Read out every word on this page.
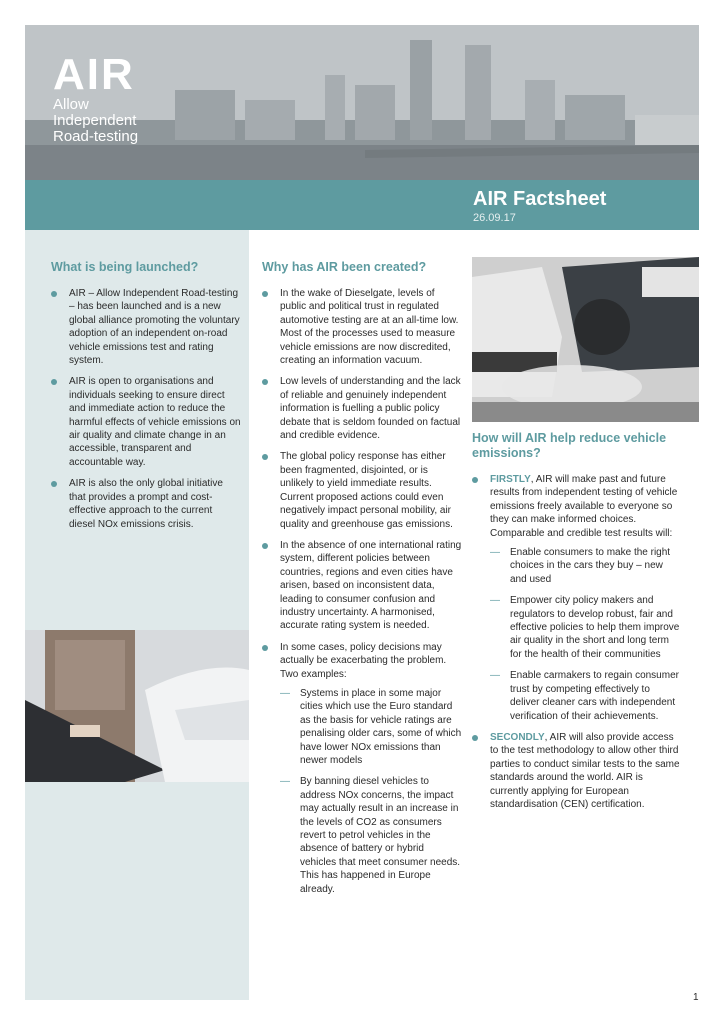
AIR
Allow
Independent
Road-testing
AIR Factsheet
26.09.17
What is being launched?
AIR – Allow Independent Road-testing – has been launched and is a new global alliance promoting the voluntary adoption of an independent on-road vehicle emissions test and rating system.
AIR is open to organisations and individuals seeking to ensure direct and immediate action to reduce the harmful effects of vehicle emissions on air quality and climate change in an accessible, transparent and accountable way.
AIR is also the only global initiative that provides a prompt and cost-effective approach to the current diesel NOx emissions crisis.
Why has AIR been created?
In the wake of Dieselgate, levels of public and political trust in regulated automotive testing are at an all-time low. Most of the processes used to measure vehicle emissions are now discredited, creating an information vacuum.
Low levels of understanding and the lack of reliable and genuinely independent information is fuelling a public policy debate that is seldom founded on factual and credible evidence.
The global policy response has either been fragmented, disjointed, or is unlikely to yield immediate results. Current proposed actions could even negatively impact personal mobility, air quality and greenhouse gas emissions.
In the absence of one international rating system, different policies between countries, regions and even cities have arisen, based on inconsistent data, leading to consumer confusion and industry uncertainty. A harmonised, accurate rating system is needed.
In some cases, policy decisions may actually be exacerbating the problem. Two examples:
— Systems in place in some major cities which use the Euro standard as the basis for vehicle ratings are penalising older cars, some of which have lower NOx emissions than newer models
— By banning diesel vehicles to address NOx concerns, the impact may actually result in an increase in the levels of CO2 as consumers revert to petrol vehicles in the absence of battery or hybrid vehicles that meet consumer needs. This has happened in Europe already.
How will AIR help reduce vehicle emissions?
FIRSTLY, AIR will make past and future results from independent testing of vehicle emissions freely available to everyone so they can make informed choices. Comparable and credible test results will:
— Enable consumers to make the right choices in the cars they buy – new and used
— Empower city policy makers and regulators to develop robust, fair and effective policies to help them improve air quality in the short and long term for the health of their communities
— Enable carmakers to regain consumer trust by competing effectively to deliver cleaner cars with independent verification of their achievements.
SECONDLY, AIR will also provide access to the test methodology to allow other third parties to conduct similar tests to the same standards around the world. AIR is currently applying for European standardisation (CEN) certification.
1
